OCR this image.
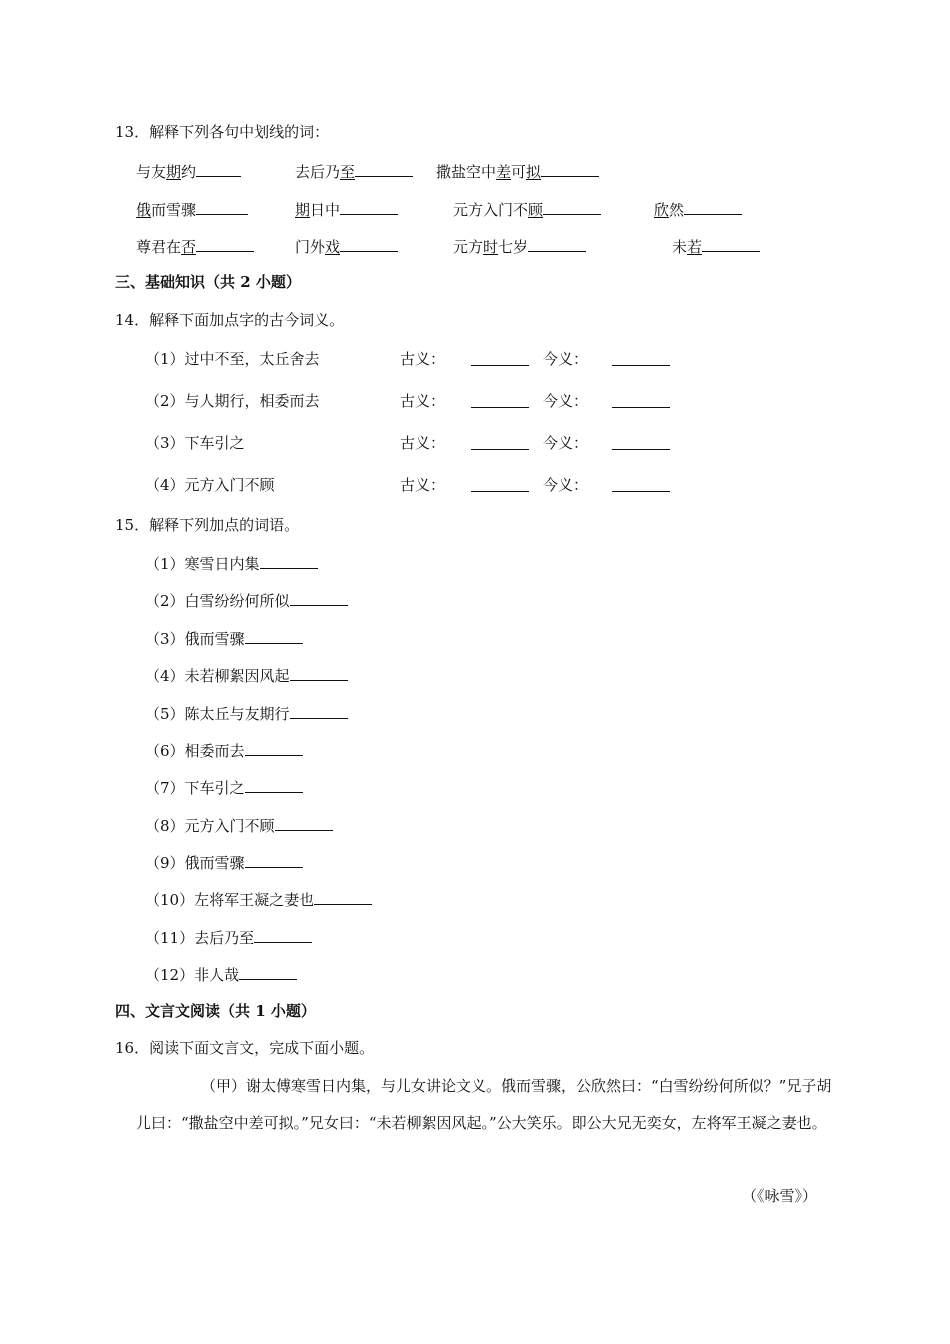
13．解释下列各句中划线的词：
与友期约	去后乃至	撒盐空中差可拟
俄而雪骤	期日中	元方入门不顾	欣然
尊君在否	门外戏	元方时七岁	未若
三、基础知识（共 2 小题）
14．解释下面加点字的古今词义。
（1）过中不至，太丘舍去	古义：	今义：
（2）与人期行，相委而去	古义：	今义：
（3）下车引之	古义：	今义：
（4）元方入门不顾	古义：	今义：
15．解释下列加点的词语。
（1）寒雪日内集
（2）白雪纷纷何所似
（3）俄而雪骤
（4）未若柳絮因风起
（5）陈太丘与友期行
（6）相委而去
（7）下车引之
（8）元方入门不顾
（9）俄而雪骤
（10）左将军王凝之妻也
（11）去后乃至
（12）非人哉
四、文言文阅读（共 1 小题）
16．阅读下面文言文，完成下面小题。
（甲）谢太傅寒雪日内集，与儿女讲论文义。俄而雪骤，公欣然曰：“白雪纷纷何所似？”兄子胡儿曰：“撒盐空中差可拟。”兄女曰：“未若柳絮因风起。”公大笑乐。即公大兄无奕女，左将军王凝之妻也。
（《咏雪》）
